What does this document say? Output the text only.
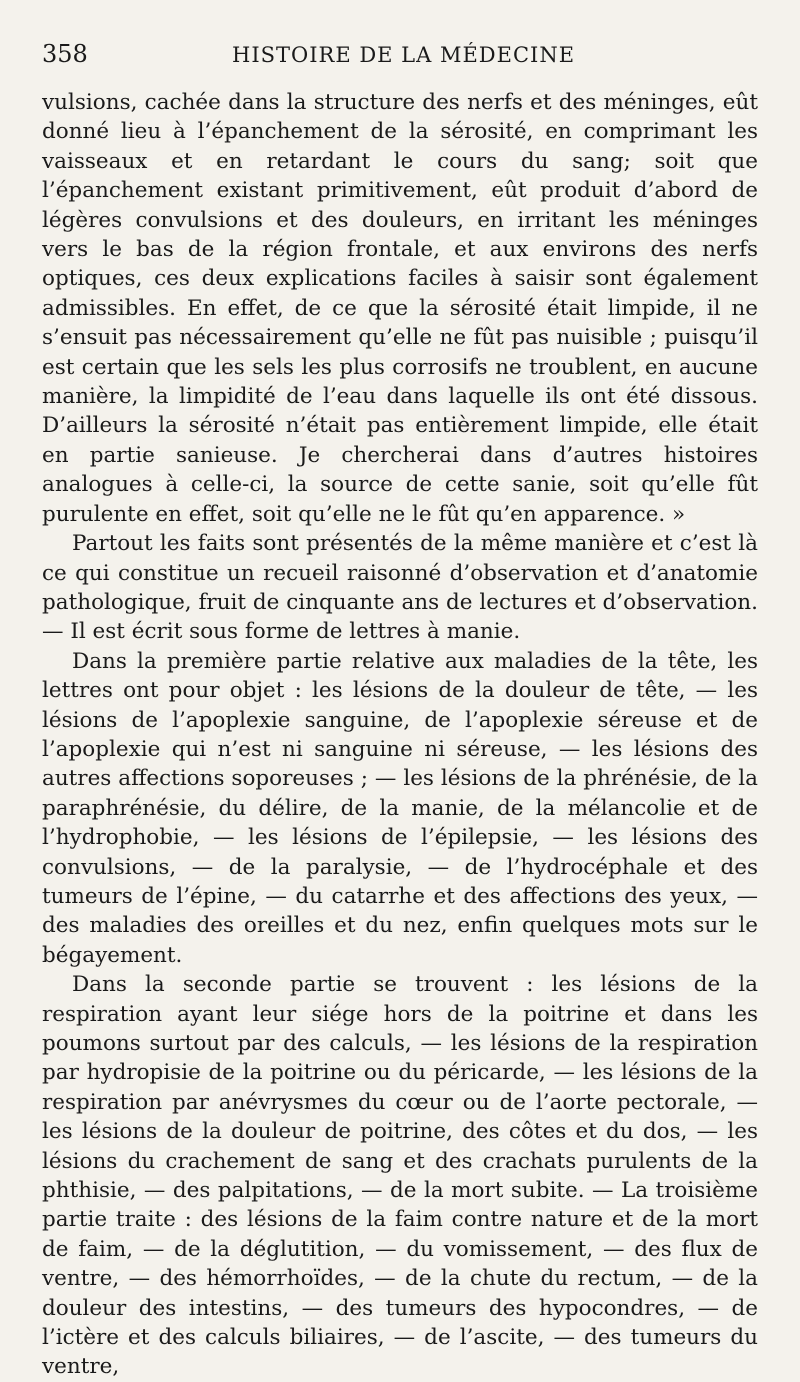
358	HISTOIRE DE LA MÉDECINE

vulsions, cachée dans la structure des nerfs et des méninges, eût donné lieu à l’épanchement de la sérosité, en comprimant les vaisseaux et en retardant le cours du sang; soit que l’épanchement existant primitivement, eût produit d’abord de légères convulsions et des douleurs, en irritant les méninges vers le bas de la région frontale, et aux environs des nerfs optiques, ces deux explications faciles à saisir sont également admissibles. En effet, de ce que la sérosité était limpide, il ne s’ensuit pas nécessairement qu’elle ne fût pas nuisible ; puisqu’il est certain que les sels les plus corrosifs ne troublent, en aucune manière, la limpidité de l’eau dans laquelle ils ont été dissous. D’ailleurs la sérosité n’était pas entièrement limpide, elle était en partie sanieuse. Je chercherai dans d’autres histoires analogues à celle-ci, la source de cette sanie, soit qu’elle fût purulente en effet, soit qu’elle ne le fût qu’en apparence. »

Partout les faits sont présentés de la même manière et c’est là ce qui constitue un recueil raisonné d’observation et d’anatomie pathologique, fruit de cinquante ans de lectures et d’observation. — Il est écrit sous forme de lettres à manie.

Dans la première partie relative aux maladies de la tête, les lettres ont pour objet : les lésions de la douleur de tête, — les lésions de l’apoplexie sanguine, de l’apoplexie séreuse et de l’apoplexie qui n’est ni sanguine ni séreuse, — les lésions des autres affections soporeuses ; — les lésions de la phrénésie, de la paraphrénésie, du délire, de la manie, de la mélancolie et de l’hydrophobie, — les lésions de l’épilepsie, — les lésions des convulsions, — de la paralysie, — de l’hydrocéphale et des tumeurs de l’épine, — du catarrhe et des affections des yeux, — des maladies des oreilles et du nez, enfin quelques mots sur le bégayement.

Dans la seconde partie se trouvent : les lésions de la respiration ayant leur siége hors de la poitrine et dans les poumons surtout par des calculs, — les lésions de la respiration par hydropisie de la poitrine ou du péricarde, — les lésions de la respiration par anévrysmes du cœur ou de l’aorte pectorale, — les lésions de la douleur de poitrine, des côtes et du dos, — les lésions du crachement de sang et des crachats purulents de la phthisie, — des palpitations, — de la mort subite. — La troisième partie traite : des lésions de la faim contre nature et de la mort de faim, — de la déglutition, — du vomissement, — des flux de ventre, — des hémorrhoïdes, — de la chute du rectum, — de la douleur des intestins, — des tumeurs des hypocondres, — de l’ictère et des calculs biliaires, — de l’ascite, — des tumeurs du ventre,
